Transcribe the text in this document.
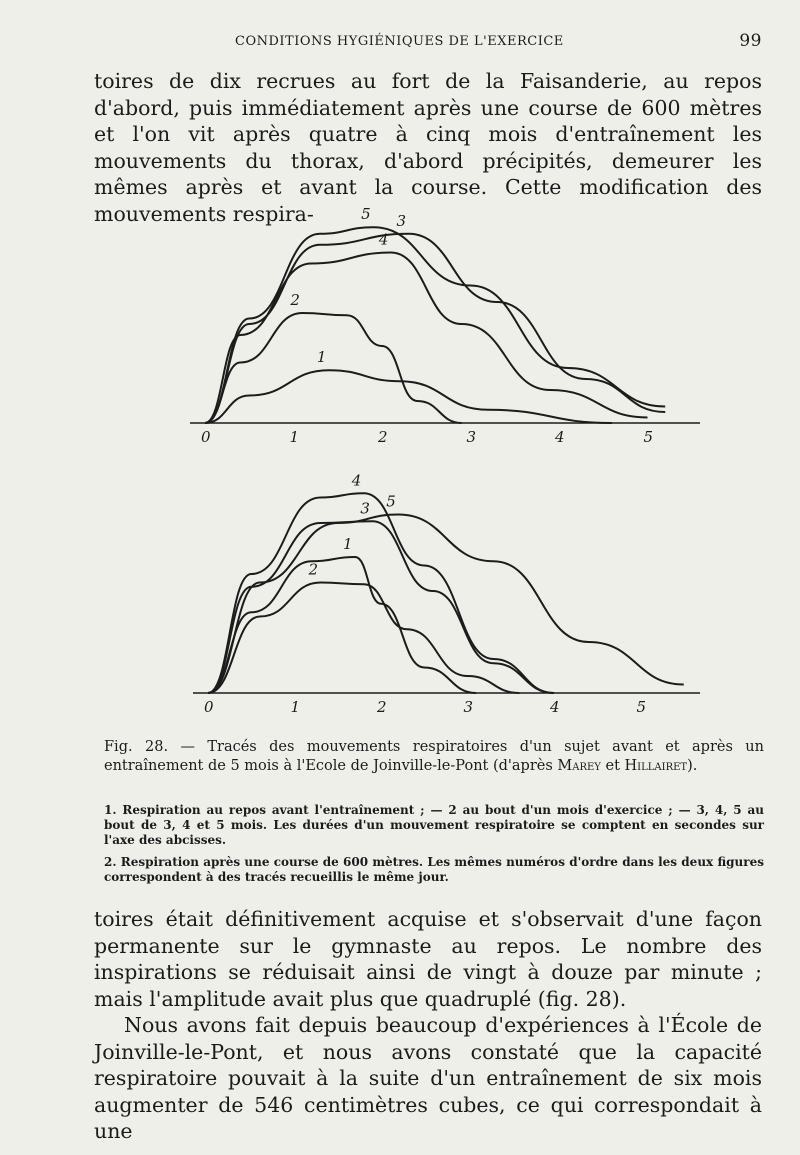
CONDITIONS HYGIÉNIQUES DE L'EXERCICE	99
toires de dix recrues au fort de la Faisanderie, au repos d'abord, puis immédiatement après une course de 600 mètres et l'on vit après quatre à cinq mois d'entraînement les mouvements du thorax, d'abord précipités, demeurer les mêmes après et avant la course. Cette modification des mouvements respira-
0	1	2	3	4	5
1
2
3
4
5
0	1	2	3	4	5
1
2
3
4
5
Fig. 28. — Tracés des mouvements respiratoires d'un sujet avant et après un entraînement de 5 mois à l'Ecole de Joinville-le-Pont (d'après Marey et Hillairet).
1. Respiration au repos avant l'entraînement ; — 2 au bout d'un mois d'exercice ; — 3, 4, 5 au bout de 3, 4 et 5 mois. Les durées d'un mouvement respiratoire se comptent en secondes sur l'axe des abcisses.
2. Respiration après une course de 600 mètres. Les mêmes numéros d'ordre dans les deux figures correspondent à des tracés recueillis le même jour.
toires était définitivement acquise et s'observait d'une façon permanente sur le gymnaste au repos. Le nombre des inspirations se réduisait ainsi de vingt à douze par minute ; mais l'amplitude avait plus que quadruplé (fig. 28).
Nous avons fait depuis beaucoup d'expériences à l'École de Joinville-le-Pont, et nous avons constaté que la capacité respiratoire pouvait à la suite d'un entraînement de six mois augmenter de 546 centimètres cubes, ce qui correspondait à une
